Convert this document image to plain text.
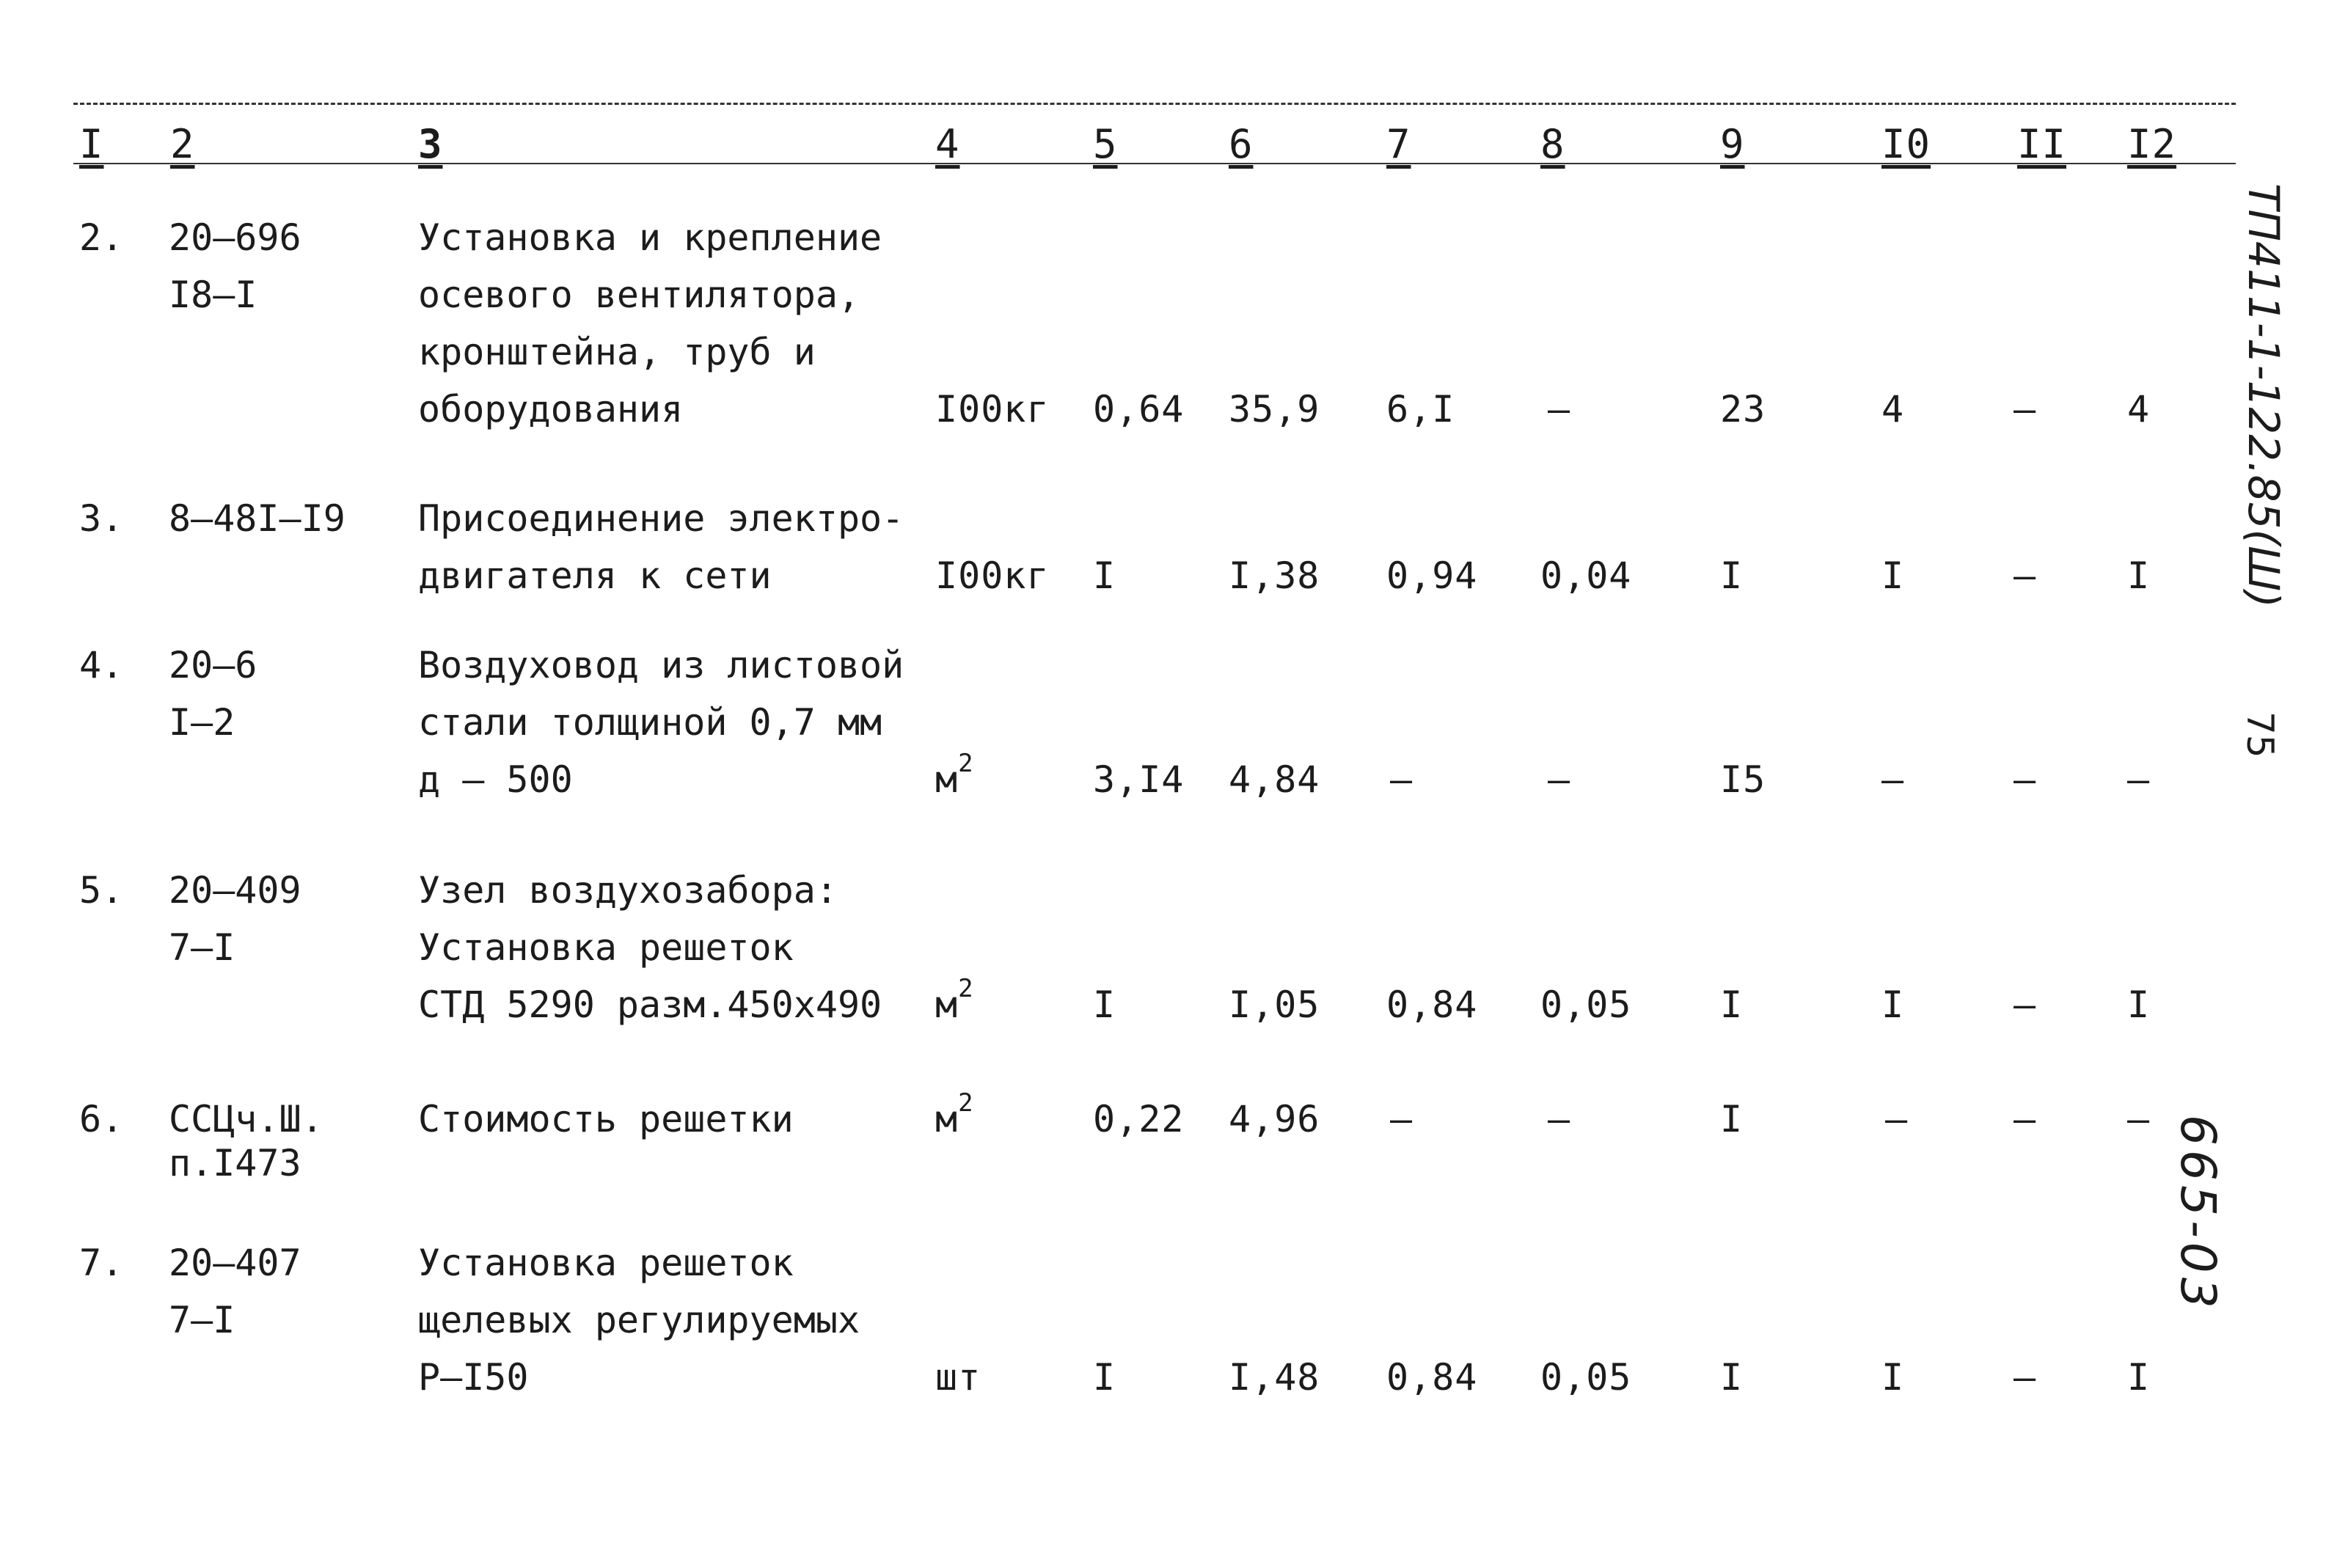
I 2	3	4	5	6	7	8	9	I0 II I2
2. 20–696
I8–I
Установка и крепление
осевого вентилятора,
кронштейна, труб и
оборудования	I00кг 0,64 35,9 6,I	–	23	4	– 4
3. 8–48I–I9 Присоединение электро-
двигателя к сети	I00кг I	I,38 0,94 0,04 I	I	– I
4. 20–6
I–2
Воздуховод из листовой
стали толщиной 0,7 мм
д – 500	$м^2$	3,I4 4,84 –	–	I5	–	– –
5. 20–409
7–I
Узел воздухозабора:
Установка решеток
СТД 5290 разм.450х490 $м^2$	I	I,05 0,84 0,05 I	I	– I
6. ССЦч.Ш.
п.I473
Стоимость решетки	$м^2$	0,22 4,96 –	–	I	–	– –
7. 20–407
7–I
Установка решеток
щелевых регулируемых
Р–I50	шт	I	I,48 0,84 0,05 I	I	– I
ТП411-1-122.85(Ш)
75
665-03
